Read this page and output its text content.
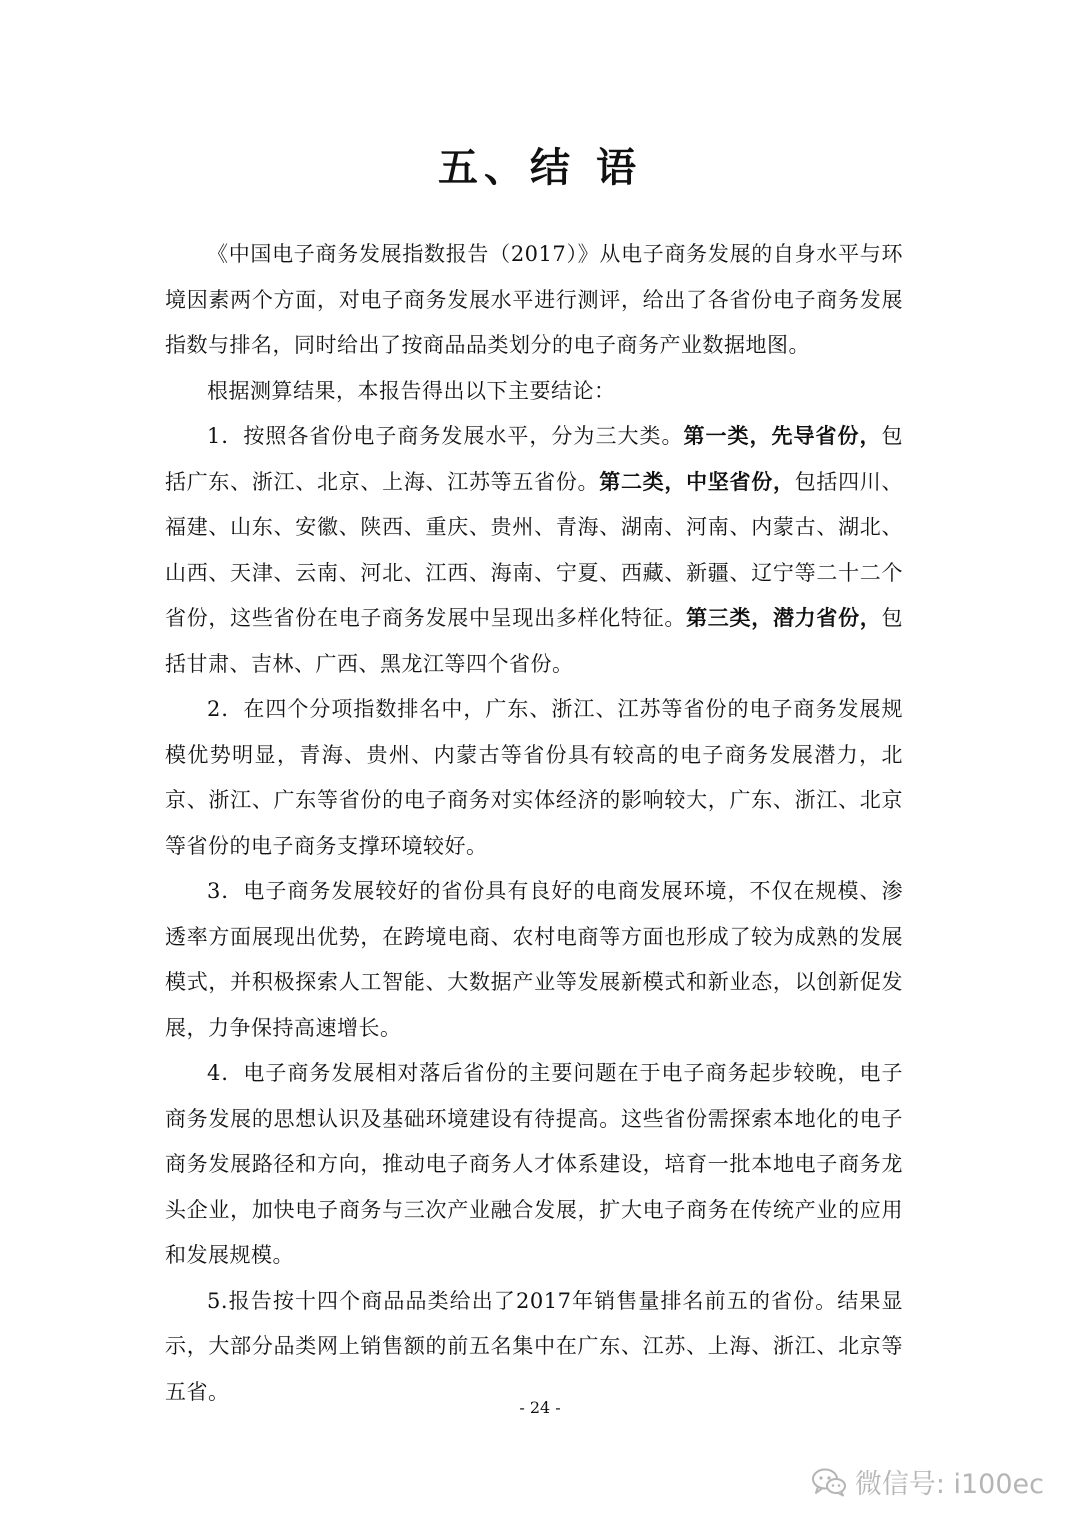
五、结 语

《中国电子商务发展指数报告（2017）》从电子商务发展的自身水平与环境因素两个方面，对电子商务发展水平进行测评，给出了各省份电子商务发展指数与排名，同时给出了按商品品类划分的电子商务产业数据地图。

根据测算结果，本报告得出以下主要结论：

1．按照各省份电子商务发展水平，分为三大类。第一类，先导省份，包括广东、浙江、北京、上海、江苏等五省份。第二类，中坚省份，包括四川、福建、山东、安徽、陕西、重庆、贵州、青海、湖南、河南、内蒙古、湖北、山西、天津、云南、河北、江西、海南、宁夏、西藏、新疆、辽宁等二十二个省份，这些省份在电子商务发展中呈现出多样化特征。第三类，潜力省份，包括甘肃、吉林、广西、黑龙江等四个省份。

2．在四个分项指数排名中，广东、浙江、江苏等省份的电子商务发展规模优势明显，青海、贵州、内蒙古等省份具有较高的电子商务发展潜力，北京、浙江、广东等省份的电子商务对实体经济的影响较大，广东、浙江、北京等省份的电子商务支撑环境较好。

3．电子商务发展较好的省份具有良好的电商发展环境，不仅在规模、渗透率方面展现出优势，在跨境电商、农村电商等方面也形成了较为成熟的发展模式，并积极探索人工智能、大数据产业等发展新模式和新业态，以创新促发展，力争保持高速增长。

4．电子商务发展相对落后省份的主要问题在于电子商务起步较晚，电子商务发展的思想认识及基础环境建设有待提高。这些省份需探索本地化的电子商务发展路径和方向，推动电子商务人才体系建设，培育一批本地电子商务龙头企业，加快电子商务与三次产业融合发展，扩大电子商务在传统产业的应用和发展规模。

5.报告按十四个商品品类给出了2017年销售量排名前五的省份。结果显示，大部分品类网上销售额的前五名集中在广东、江苏、上海、浙江、北京等五省。

- 24 -
微信号: i100ec
